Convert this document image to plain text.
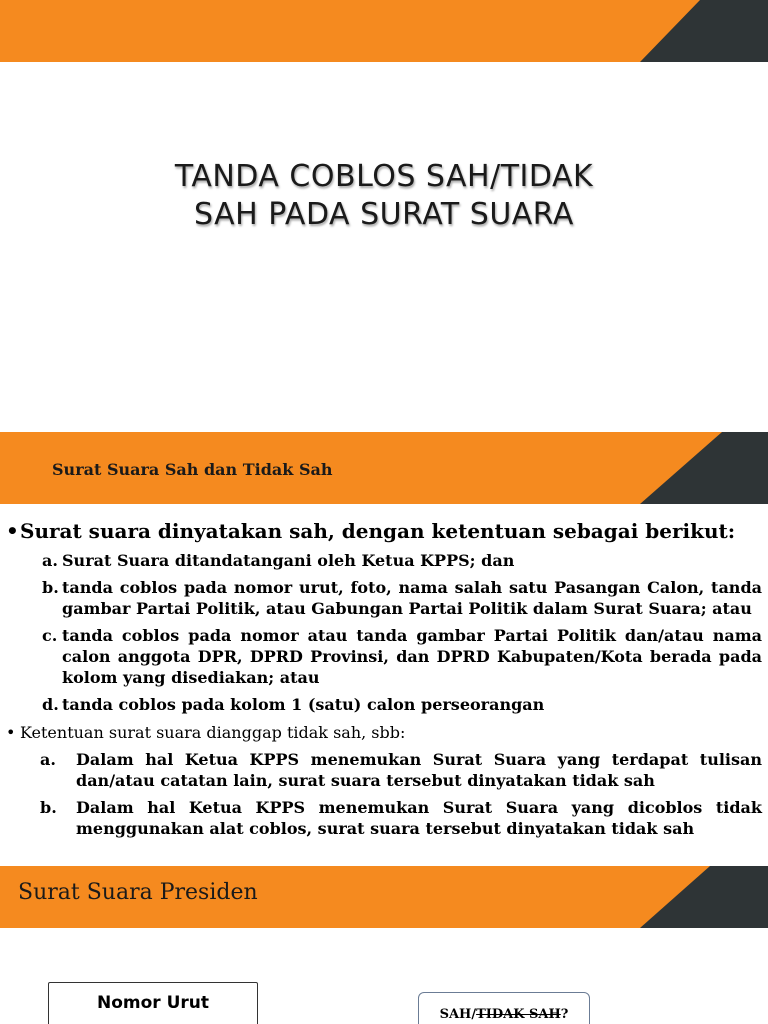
TANDA COBLOS SAH/TIDAK
SAH PADA SURAT SUARA
Surat Suara Sah dan Tidak Sah
• Surat suara dinyatakan sah, dengan ketentuan sebagai berikut:
a. Surat Suara ditandatangani oleh Ketua KPPS; dan
b. tanda coblos pada nomor urut, foto, nama salah satu Pasangan Calon, tanda gambar Partai Politik, atau Gabungan Partai Politik dalam Surat Suara; atau
c. tanda coblos pada nomor atau tanda gambar Partai Politik dan/atau nama calon anggota DPR, DPRD Provinsi, dan DPRD Kabupaten/Kota berada pada kolom yang disediakan; atau
d. tanda coblos pada kolom 1 (satu) calon perseorangan
• Ketentuan surat suara dianggap tidak sah, sbb:
a.	Dalam hal Ketua KPPS menemukan Surat Suara yang terdapat tulisan dan/atau catatan lain, surat suara tersebut dinyatakan tidak sah
b.	Dalam hal Ketua KPPS menemukan Surat Suara yang dicoblos tidak menggunakan alat coblos, surat suara tersebut dinyatakan tidak sah
Surat Suara Presiden
Nomor Urut
SAH/TIDAK SAH?
